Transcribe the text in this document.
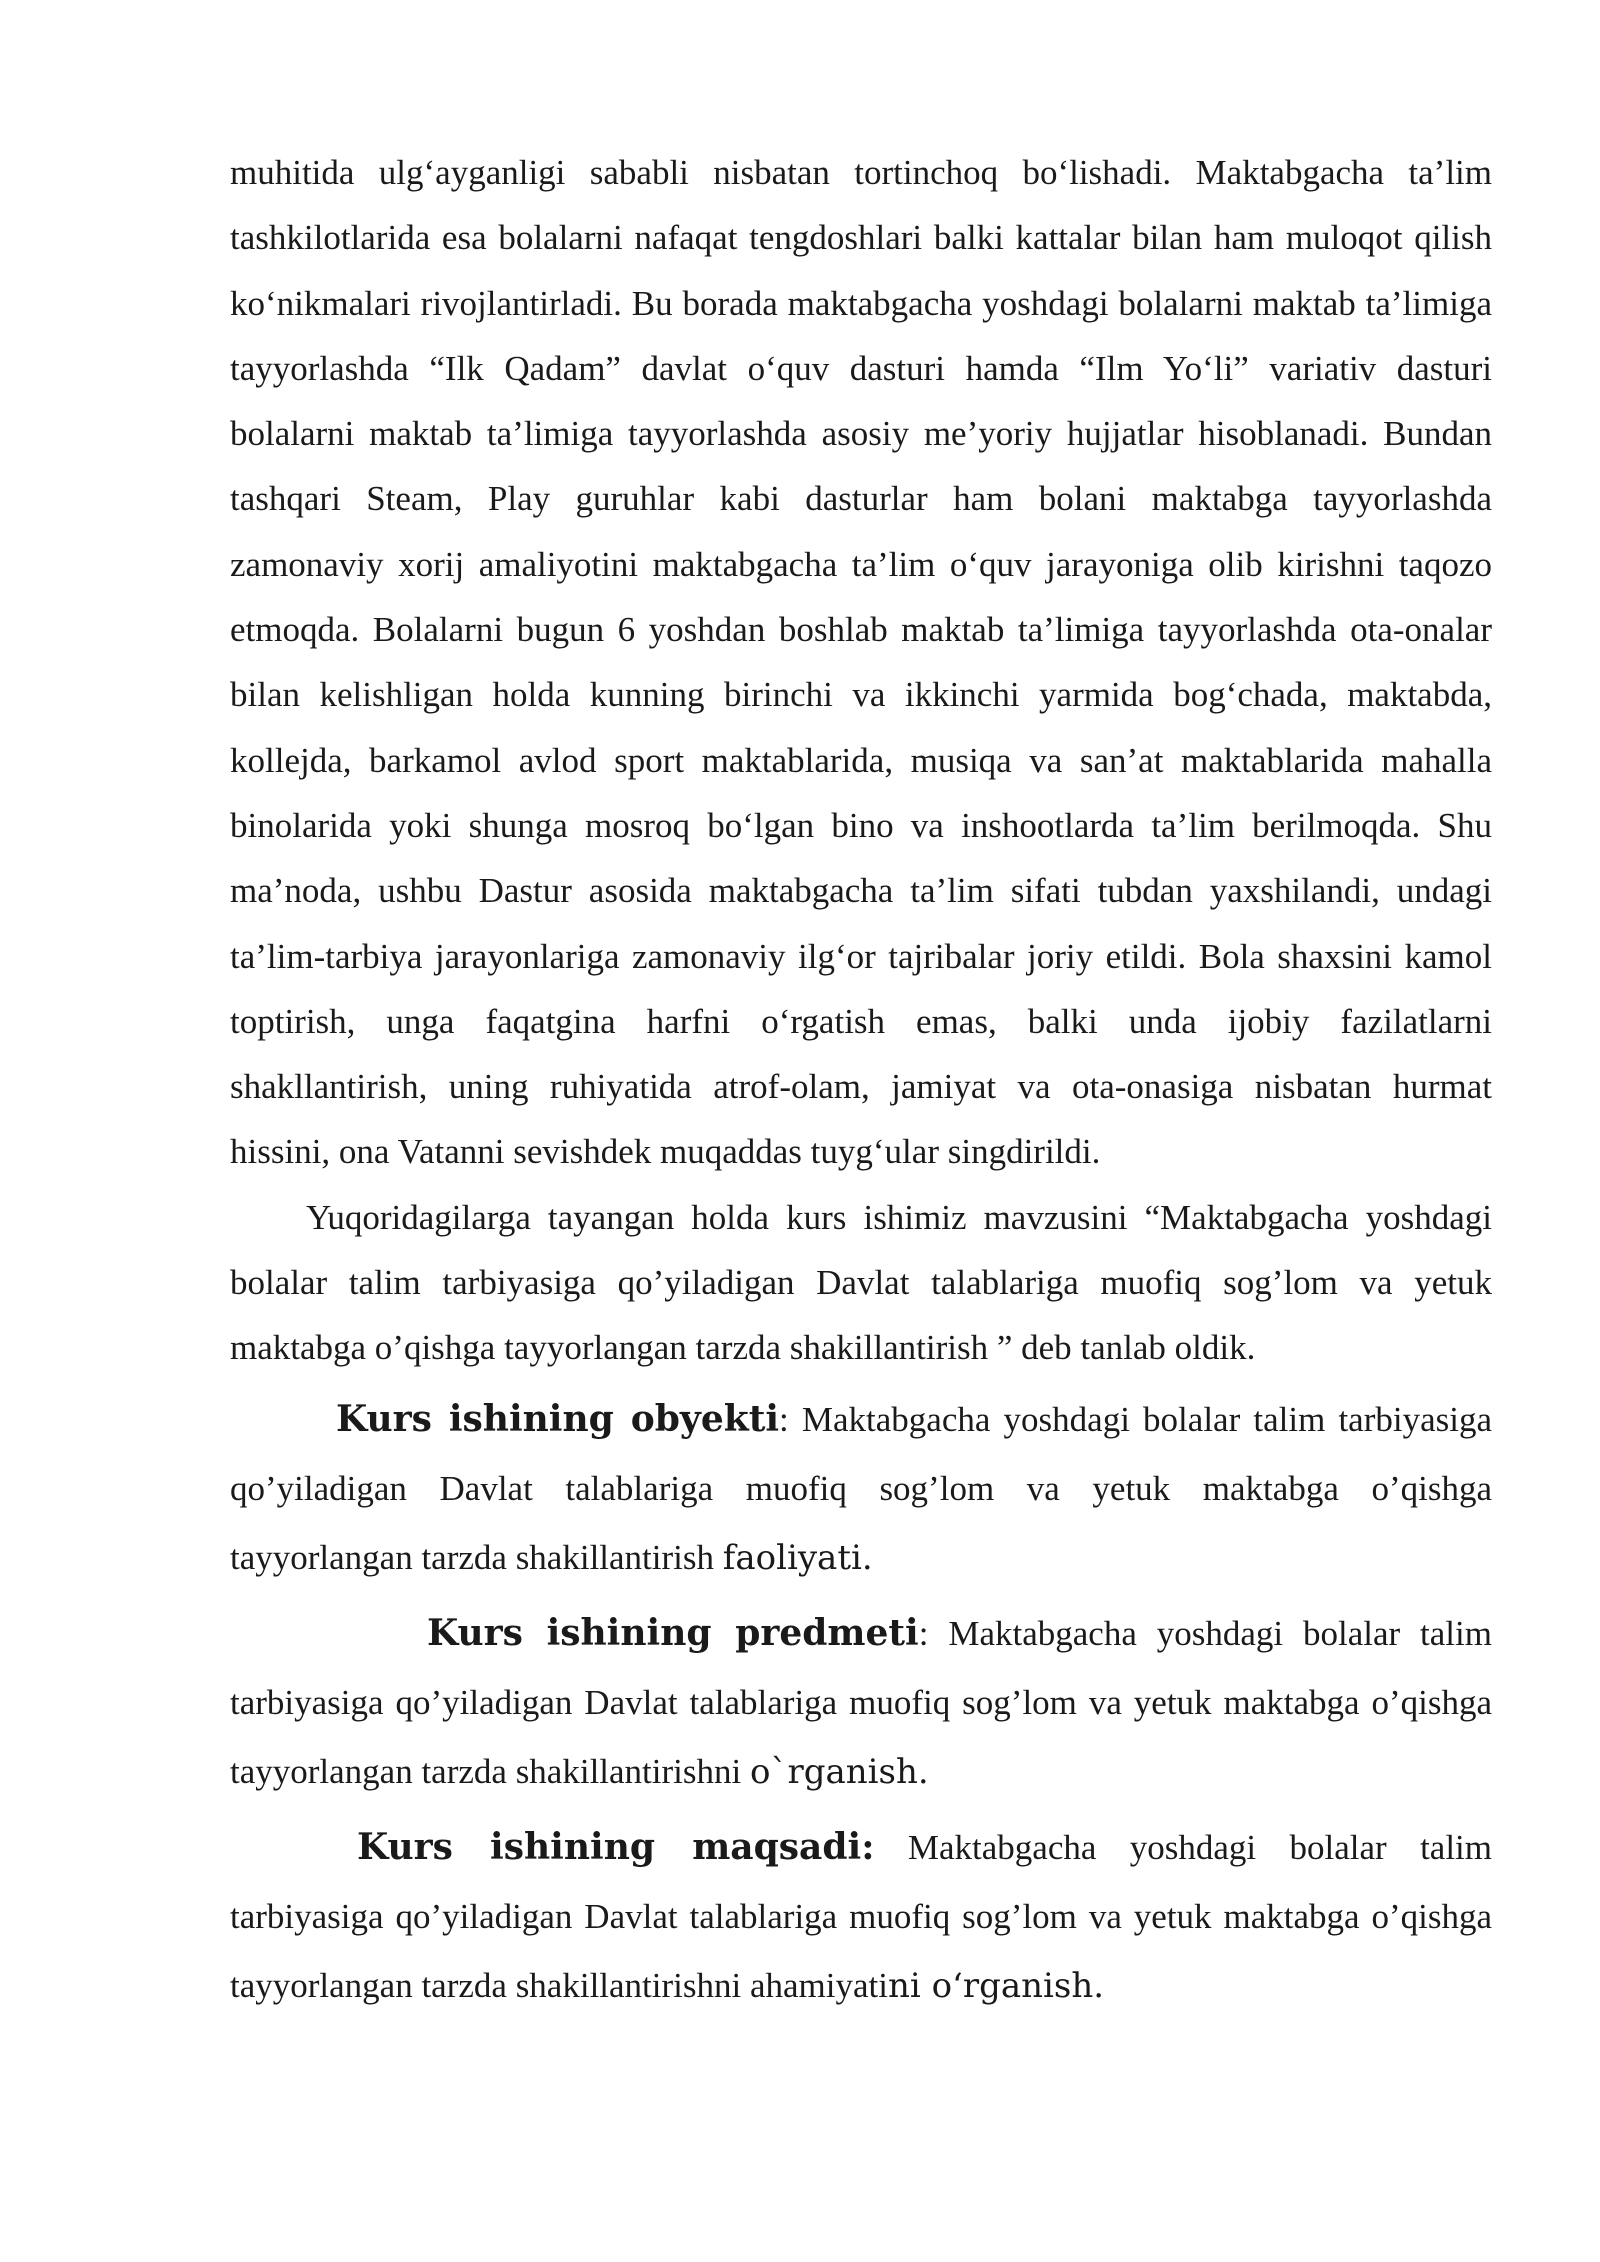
muhitida ulg‘ayganligi sababli nisbatan tortinchoq bo‘lishadi. Maktabgacha ta’lim tashkilotlarida esa bolalarni nafaqat tengdoshlari balki kattalar bilan ham muloqot qilish ko‘nikmalari rivojlantirladi. Bu borada maktabgacha yoshdagi bolalarni maktab ta’limiga tayyorlashda “Ilk Qadam” davlat o‘quv dasturi hamda “Ilm Yo‘li” variativ dasturi bolalarni maktab ta’limiga tayyorlashda asosiy me’yoriy hujjatlar hisoblanadi. Bundan tashqari Steam, Play guruhlar kabi dasturlar ham bolani maktabga tayyorlashda zamonaviy xorij amaliyotini maktabgacha ta’lim o‘quv jarayoniga olib kirishni taqozo etmoqda. Bolalarni bugun 6 yoshdan boshlab maktab ta’limiga tayyorlashda ota-onalar bilan kelishligan holda kunning birinchi va ikkinchi yarmida bog‘chada, maktabda, kollejda, barkamol avlod sport maktablarida, musiqa va san’at maktablarida mahalla binolarida yoki shunga mosroq bo‘lgan bino va inshootlarda ta’lim berilmoqda. Shu ma’noda, ushbu Dastur asosida maktabgacha ta’lim sifati tubdan yaxshilandi, undagi ta’lim-tarbiya jarayonlariga zamonaviy ilg‘or tajribalar joriy etildi. Bola shaxsini kamol toptirish, unga faqatgina harfni o‘rgatish emas, balki unda ijobiy fazilatlarni shakllantirish, uning ruhiyatida atrof-olam, jamiyat va ota-onasiga nisbatan hurmat hissini, ona Vatanni sevishdek muqaddas tuyg‘ular singdirildi.

Yuqoridagilarga tayangan holda kurs ishimiz mavzusini “Maktabgacha yoshdagi bolalar talim tarbiyasiga qo’yiladigan Davlat talablariga muofiq sog’lom va yetuk maktabga o’qishga tayyorlangan tarzda shakillantirish ” deb tanlab oldik.

Kurs ishining obyekti: Maktabgacha yoshdagi bolalar talim tarbiyasiga qo’yiladigan Davlat talablariga muofiq sog’lom va yetuk maktabga o’qishga tayyorlangan tarzda shakillantirish faoliyati.

Kurs ishining predmeti: Maktabgacha yoshdagi bolalar talim tarbiyasiga qo’yiladigan Davlat talablariga muofiq sog’lom va yetuk maktabga o’qishga tayyorlangan tarzda shakillantirishni o`rganish.

Kurs ishining maqsadi: Maktabgacha yoshdagi bolalar talim tarbiyasiga qo’yiladigan Davlat talablariga muofiq sog’lom va yetuk maktabga o’qishga tayyorlangan tarzda shakillantirishni ahamiyatini o‘rganish.
